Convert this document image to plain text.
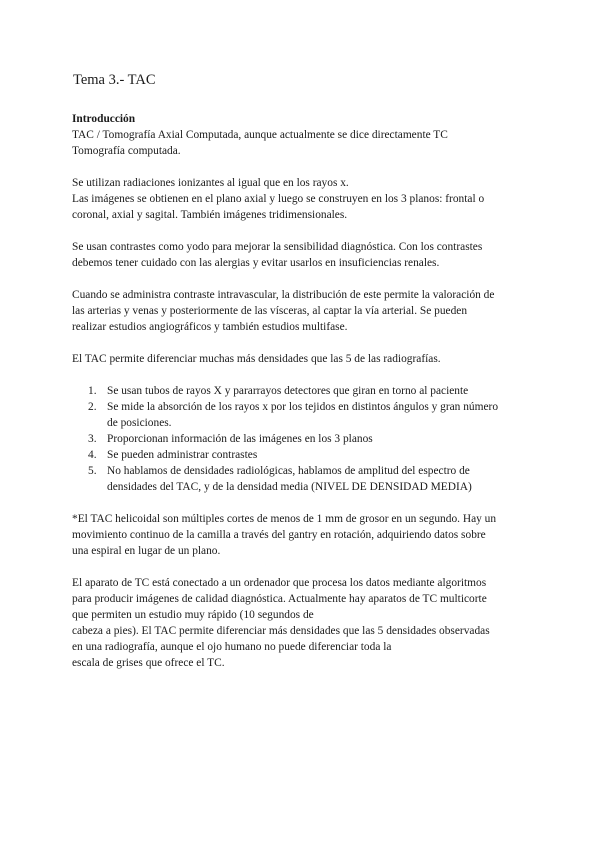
Tema 3.- TAC

Introducción

TAC / Tomografía Axial Computada, aunque actualmente se dice directamente TC
Tomografía computada.
Se utilizan radiaciones ionizantes al igual que en los rayos x.
Las imágenes se obtienen en el plano axial y luego se construyen en los 3 planos: frontal o
coronal, axial y sagital. También imágenes tridimensionales.
Se usan contrastes como yodo para mejorar la sensibilidad diagnóstica. Con los contrastes
debemos tener cuidado con las alergias y evitar usarlos en insuficiencias renales.
Cuando se administra contraste intravascular, la distribución de este permite la valoración de
las arterias y venas y posteriormente de las vísceras, al captar la vía arterial. Se pueden
realizar estudios angiográficos y también estudios multifase.
El TAC permite diferenciar muchas más densidades que las 5 de las radiografías.
1. Se usan tubos de rayos X y pararrayos detectores que giran en torno al paciente
2. Se mide la absorción de los rayos x por los tejidos en distintos ángulos y gran número
de posiciones.
3. Proporcionan información de las imágenes en los 3 planos
4. Se pueden administrar contrastes
5. No hablamos de densidades radiológicas, hablamos de amplitud del espectro de
densidades del TAC, y de la densidad media (NIVEL DE DENSIDAD MEDIA)
*El TAC helicoidal son múltiples cortes de menos de 1 mm de grosor en un segundo. Hay un
movimiento continuo de la camilla a través del gantry en rotación, adquiriendo datos sobre
una espiral en lugar de un plano.
El aparato de TC está conectado a un ordenador que procesa los datos mediante algoritmos
para producir imágenes de calidad diagnóstica. Actualmente hay aparatos de TC multicorte
que permiten un estudio muy rápido (10 segundos de
cabeza a pies). El TAC permite diferenciar más densidades que las 5 densidades observadas
en una radiografía, aunque el ojo humano no puede diferenciar toda la
escala de grises que ofrece el TC.
